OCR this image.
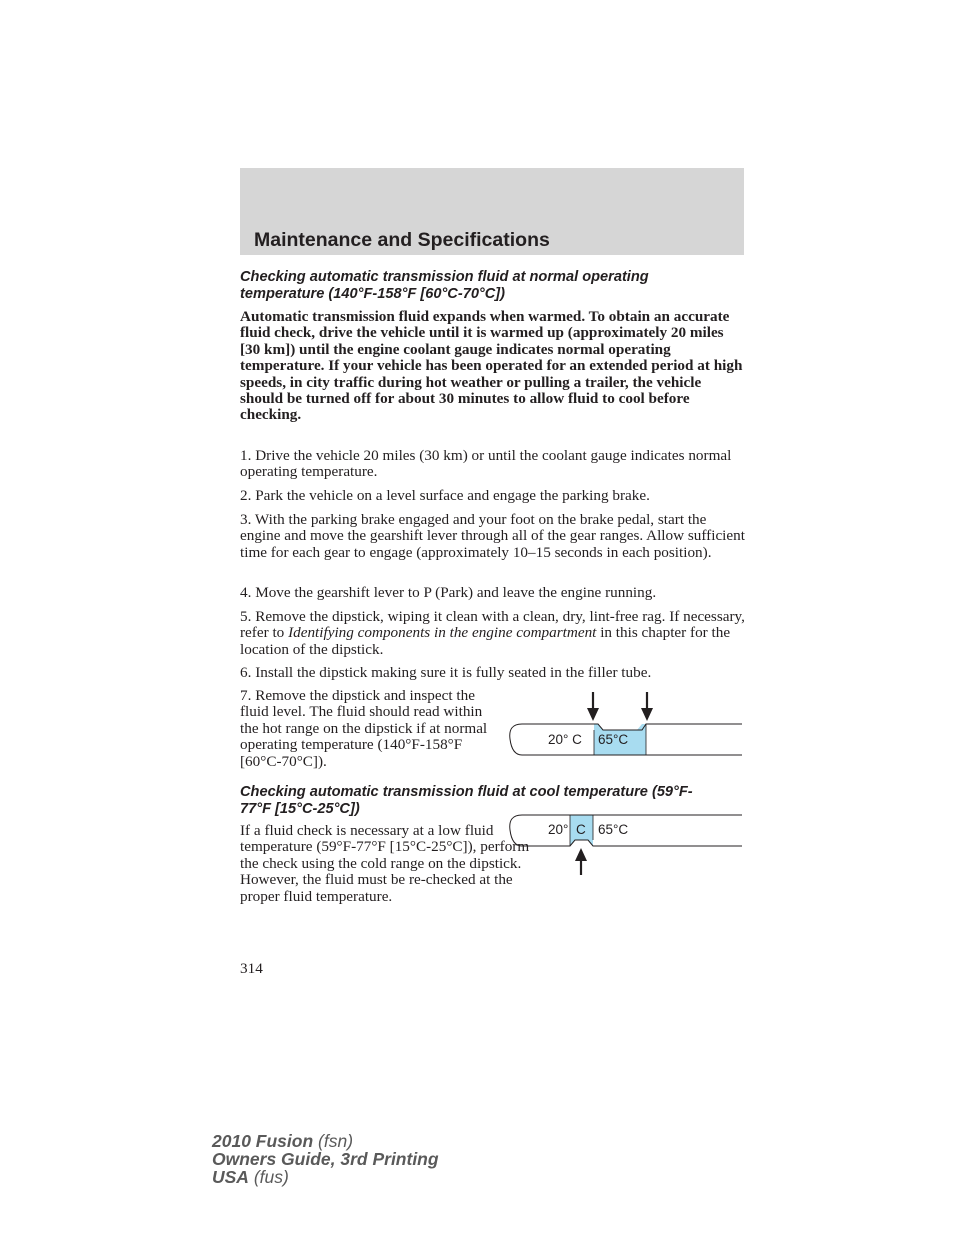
Maintenance and Specifications
Checking automatic transmission fluid at normal operating temperature (140°F-158°F [60°C-70°C])
Automatic transmission fluid expands when warmed. To obtain an accurate fluid check, drive the vehicle until it is warmed up (approximately 20 miles [30 km]) until the engine coolant gauge indicates normal operating temperature. If your vehicle has been operated for an extended period at high speeds, in city traffic during hot weather or pulling a trailer, the vehicle should be turned off for about 30 minutes to allow fluid to cool before checking.
1. Drive the vehicle 20 miles (30 km) or until the coolant gauge indicates normal operating temperature.
2. Park the vehicle on a level surface and engage the parking brake.
3. With the parking brake engaged and your foot on the brake pedal, start the engine and move the gearshift lever through all of the gear ranges. Allow sufficient time for each gear to engage (approximately 10–15 seconds in each position).
4. Move the gearshift lever to P (Park) and leave the engine running.
5. Remove the dipstick, wiping it clean with a clean, dry, lint-free rag. If necessary, refer to Identifying components in the engine compartment in this chapter for the location of the dipstick.
6. Install the dipstick making sure it is fully seated in the filler tube.
7. Remove the dipstick and inspect the fluid level. The fluid should read within the hot range on the dipstick if at normal operating temperature (140°F-158°F [60°C-70°C]).
20° C 65°C
Checking automatic transmission fluid at cool temperature (59°F-77°F [15°C-25°C])
If a fluid check is necessary at a low fluid temperature (59°F-77°F [15°C-25°C]), perform the check using the cold range on the dipstick. However, the fluid must be re-checked at the proper fluid temperature.
20° C 65°C
314
2010 Fusion (fsn)
Owners Guide, 3rd Printing
USA (fus)
